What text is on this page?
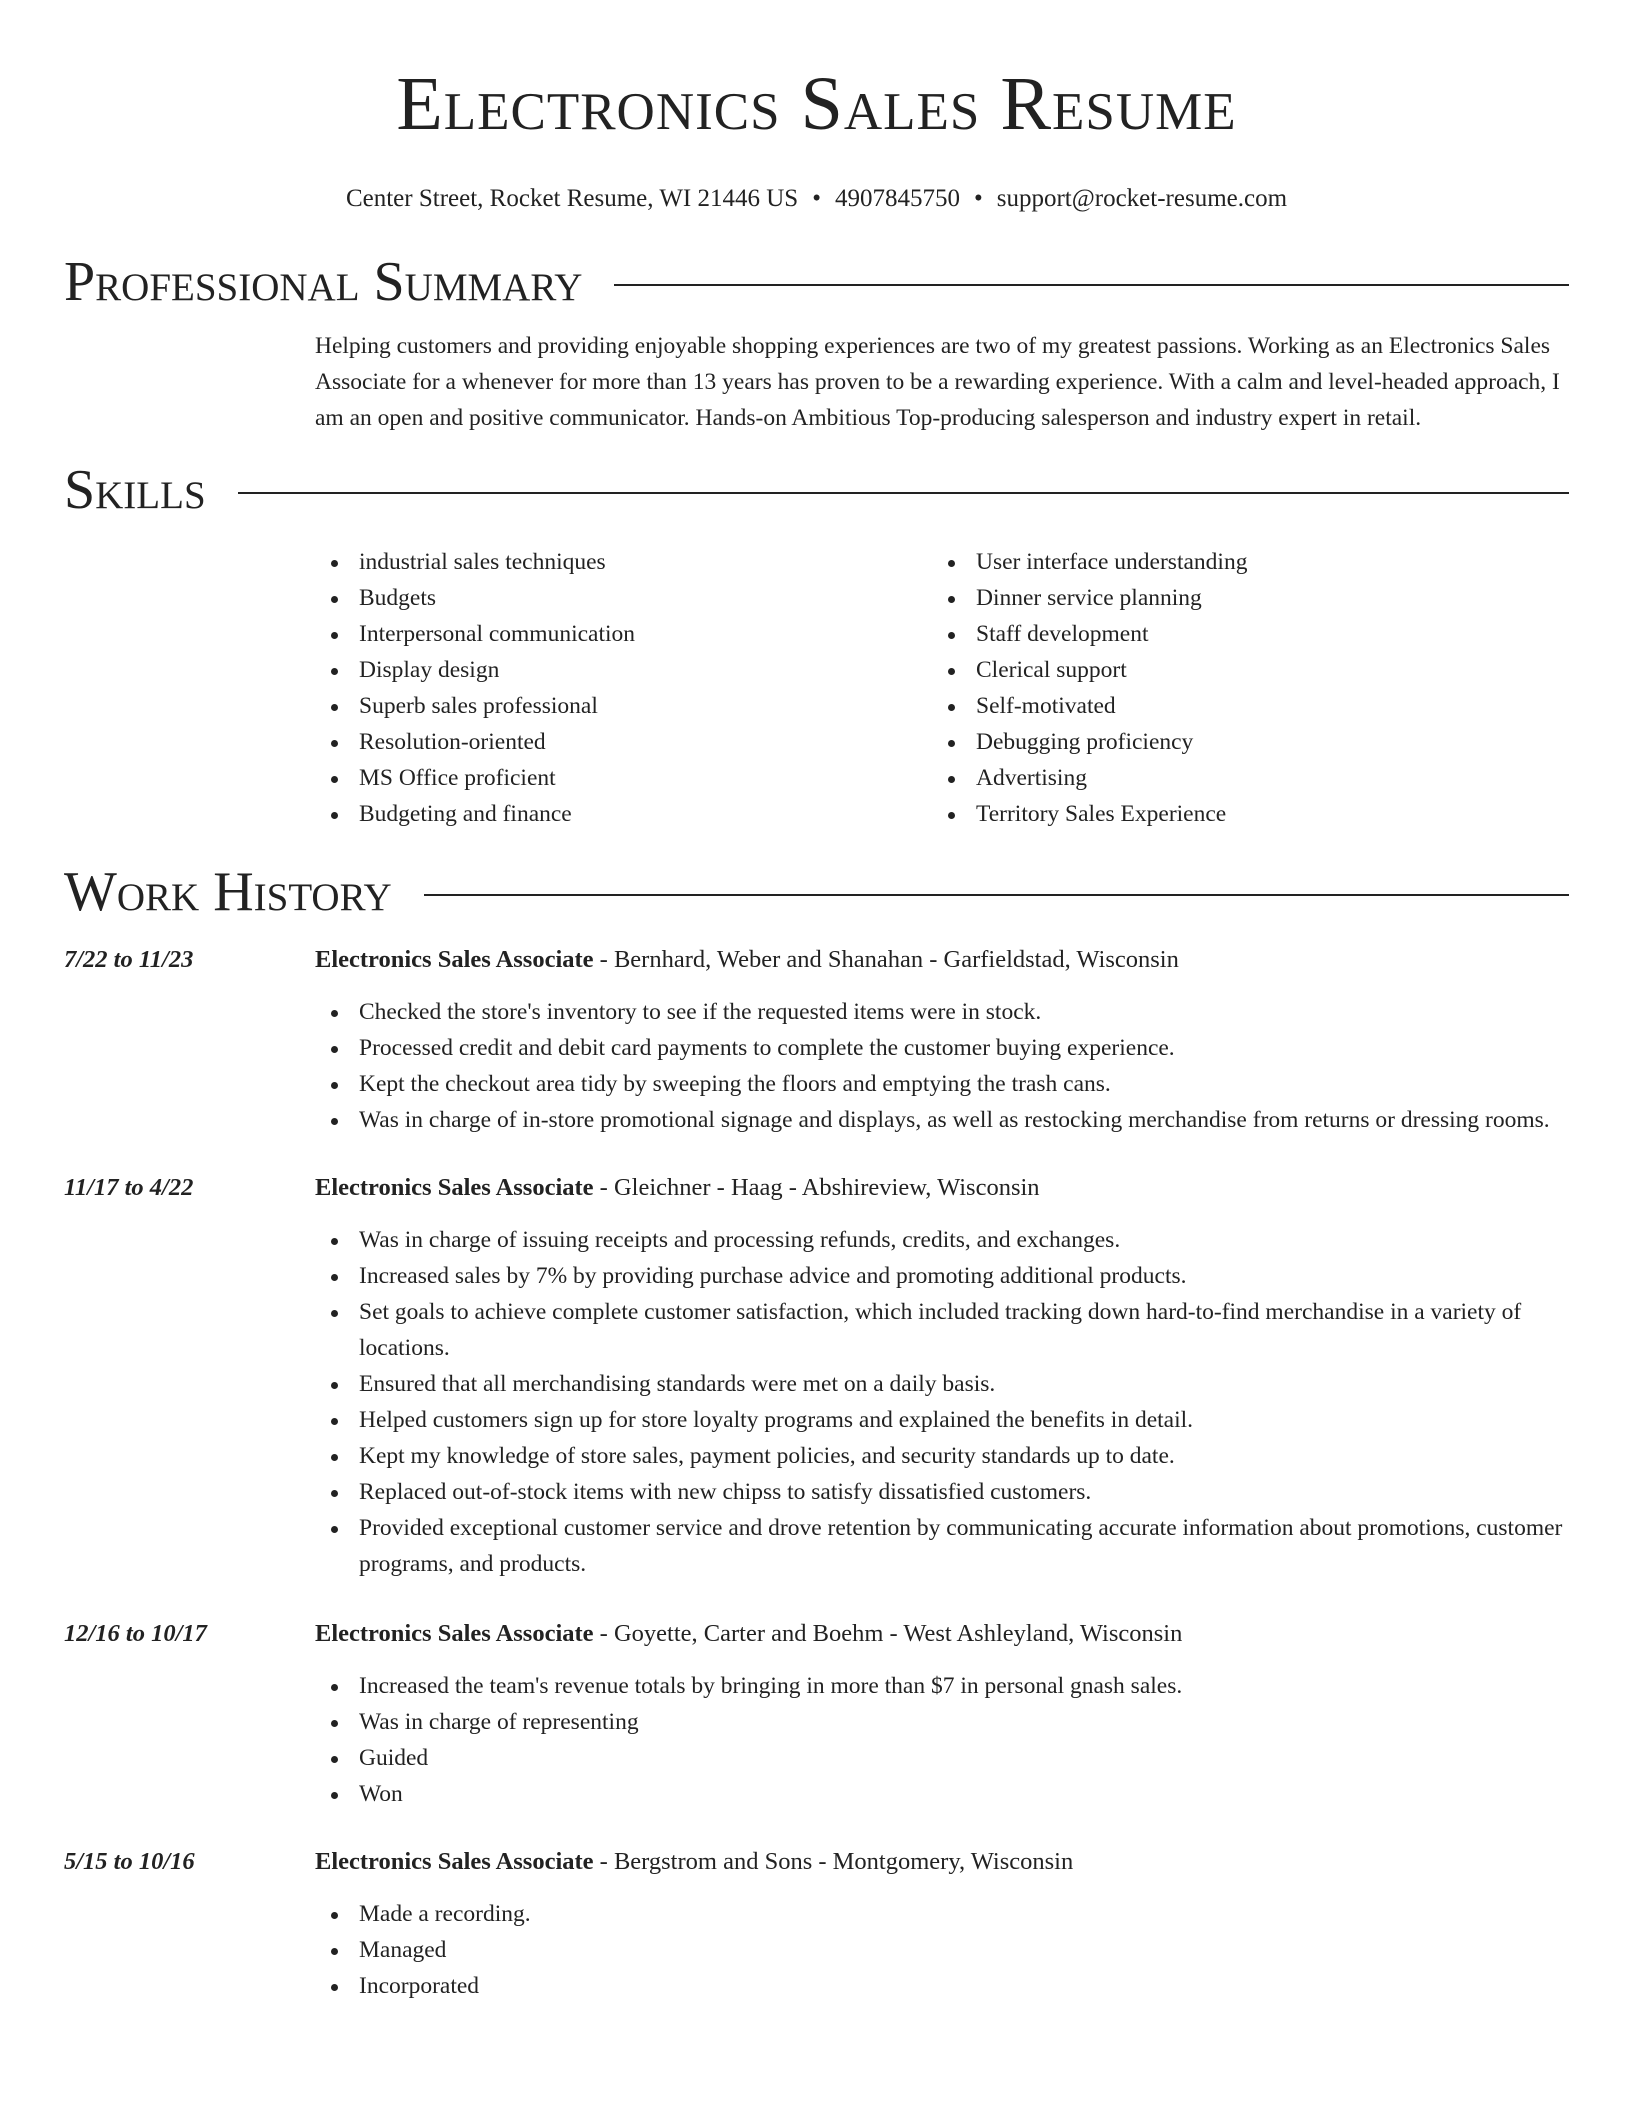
Electronics Sales Resume
Center Street, Rocket Resume, WI 21446 US • 4907845750 • support@rocket-resume.com
Professional Summary

Helping customers and providing enjoyable shopping experiences are two of my greatest passions. Working as an Electronics Sales Associate for a whenever for more than 13 years has proven to be a rewarding experience. With a calm and level-headed approach, I am an open and positive communicator. Hands-on Ambitious Top-producing salesperson and industry expert in retail.

Skills
industrial sales techniques
Budgets
Interpersonal communication
Display design
Superb sales professional
Resolution-oriented
MS Office proficient
Budgeting and finance
User interface understanding
Dinner service planning
Staff development
Clerical support
Self-motivated
Debugging proficiency
Advertising
Territory Sales Experience
Work History
7/22 to 11/23	Electronics Sales Associate - Bernhard, Weber and Shanahan - Garfieldstad, Wisconsin
Checked the store's inventory to see if the requested items were in stock.
Processed credit and debit card payments to complete the customer buying experience.
Kept the checkout area tidy by sweeping the floors and emptying the trash cans.
Was in charge of in-store promotional signage and displays, as well as restocking merchandise from returns or dressing rooms.
11/17 to 4/22	Electronics Sales Associate - Gleichner - Haag - Abshireview, Wisconsin
Was in charge of issuing receipts and processing refunds, credits, and exchanges.
Increased sales by 7% by providing purchase advice and promoting additional products.
Set goals to achieve complete customer satisfaction, which included tracking down hard-to-find merchandise in a variety of locations.
Ensured that all merchandising standards were met on a daily basis.
Helped customers sign up for store loyalty programs and explained the benefits in detail.
Kept my knowledge of store sales, payment policies, and security standards up to date.
Replaced out-of-stock items with new chipss to satisfy dissatisfied customers.
Provided exceptional customer service and drove retention by communicating accurate information about promotions, customer programs, and products.
12/16 to 10/17	Electronics Sales Associate - Goyette, Carter and Boehm - West Ashleyland, Wisconsin
Increased the team's revenue totals by bringing in more than $7 in personal gnash sales.
Was in charge of representing
Guided
Won
5/15 to 10/16	Electronics Sales Associate - Bergstrom and Sons - Montgomery, Wisconsin
Made a recording.
Managed
Incorporated
